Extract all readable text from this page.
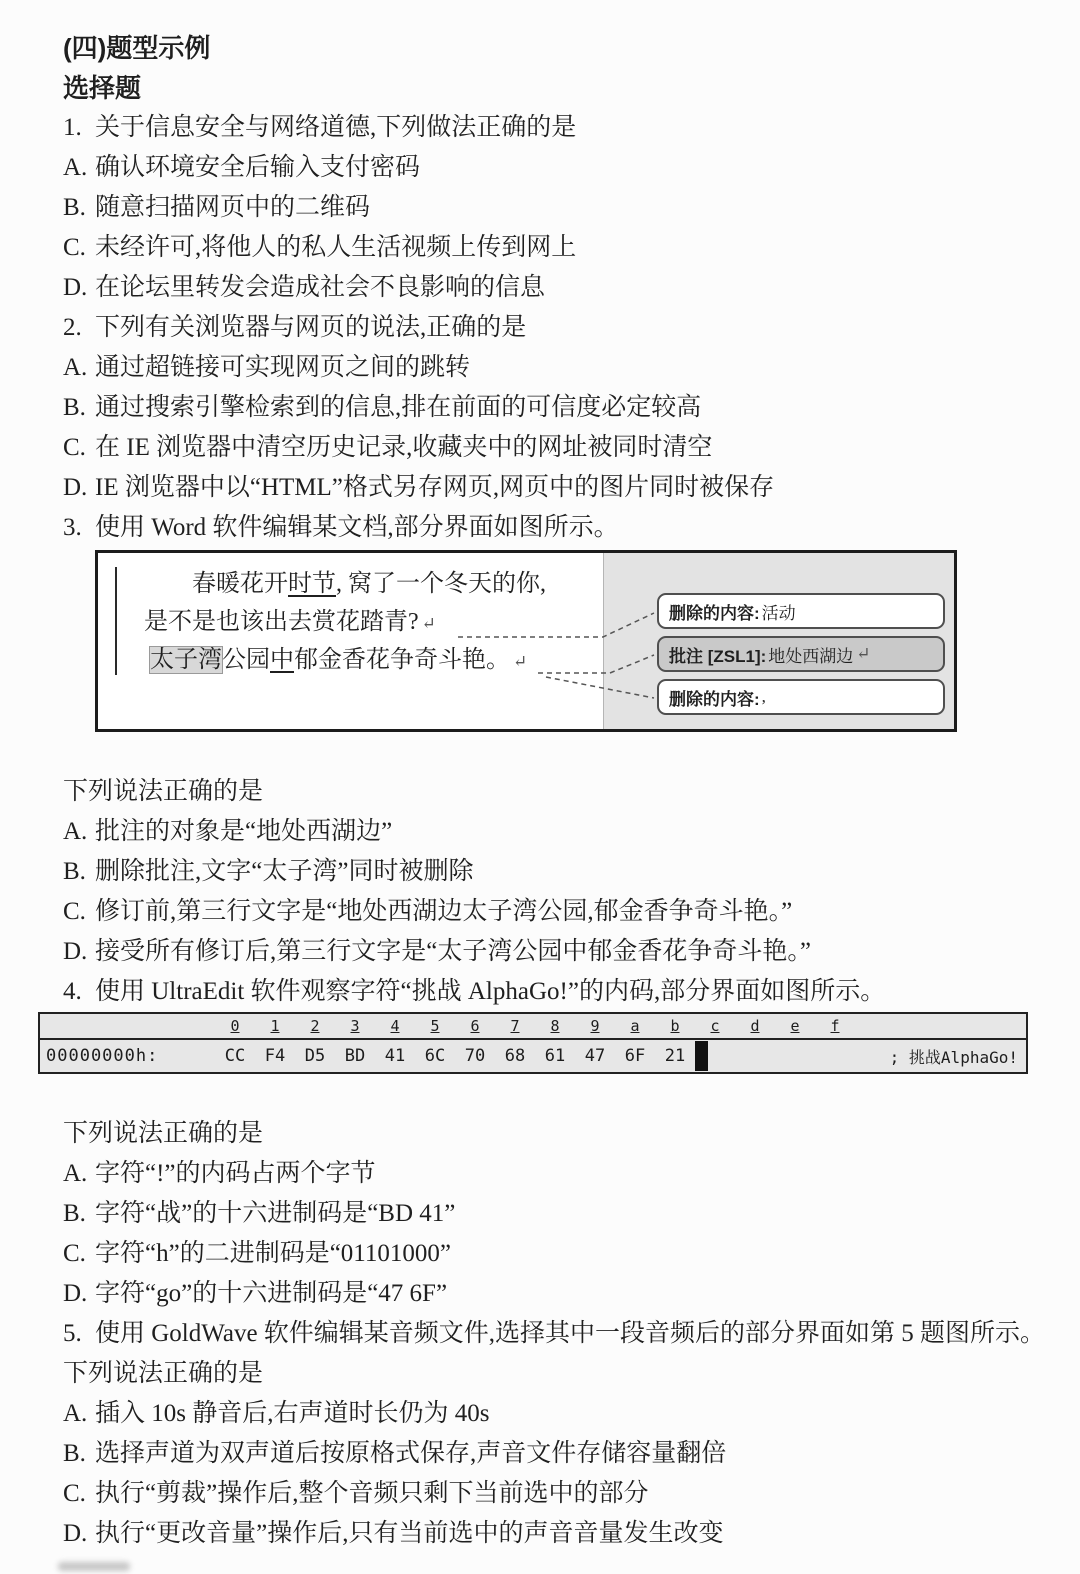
(四)题型示例
选择题
1. 关于信息安全与网络道德,下列做法正确的是
A. 确认环境安全后输入支付密码
B. 随意扫描网页中的二维码
C. 未经许可,将他人的私人生活视频上传到网上
D. 在论坛里转发会造成社会不良影响的信息
2. 下列有关浏览器与网页的说法,正确的是
A. 通过超链接可实现网页之间的跳转
B. 通过搜索引擎检索到的信息,排在前面的可信度必定较高
C. 在 IE 浏览器中清空历史记录,收藏夹中的网址被同时清空
D. IE 浏览器中以“HTML”格式另存网页,网页中的图片同时被保存
3. 使用 Word 软件编辑某文档,部分界面如图所示。

春暖花开时节, 窝了一个冬天的你,

是不是也该出去赏花踏青? ↵

太子湾公园中郁金香花争奇斗艳。 ↵

删除的内容: 活动
批注 [ZSL1]: 地处西湖边 ↵
删除的内容: ,
下列说法正确的是
A. 批注的对象是“地处西湖边”
B. 删除批注,文字“太子湾”同时被删除
C. 修订前,第三行文字是“地处西湖边太子湾公园,郁金香争奇斗艳。”
D. 接受所有修订后,第三行文字是“太子湾公园中郁金香花争奇斗艳。”
4. 使用 UltraEdit 软件观察字符“挑战 AlphaGo!”的内码,部分界面如图所示。
0	1	2	3	4	5	6	7	8	9	a	b	c	d	e	f
00000000h:	CC	F4	D5	BD	41	6C	70	68	61	47	6F	21	; 挑战AlphaGo!
下列说法正确的是
A. 字符“!”的内码占两个字节
B. 字符“战”的十六进制码是“BD 41”
C. 字符“h”的二进制码是“01101000”
D. 字符“go”的十六进制码是“47 6F”
5. 使用 GoldWave 软件编辑某音频文件,选择其中一段音频后的部分界面如第 5 题图所示。
下列说法正确的是
A. 插入 10s 静音后,右声道时长仍为 40s
B. 选择声道为双声道后按原格式保存,声音文件存储容量翻倍
C. 执行“剪裁”操作后,整个音频只剩下当前选中的部分
D. 执行“更改音量”操作后,只有当前选中的声音音量发生改变
